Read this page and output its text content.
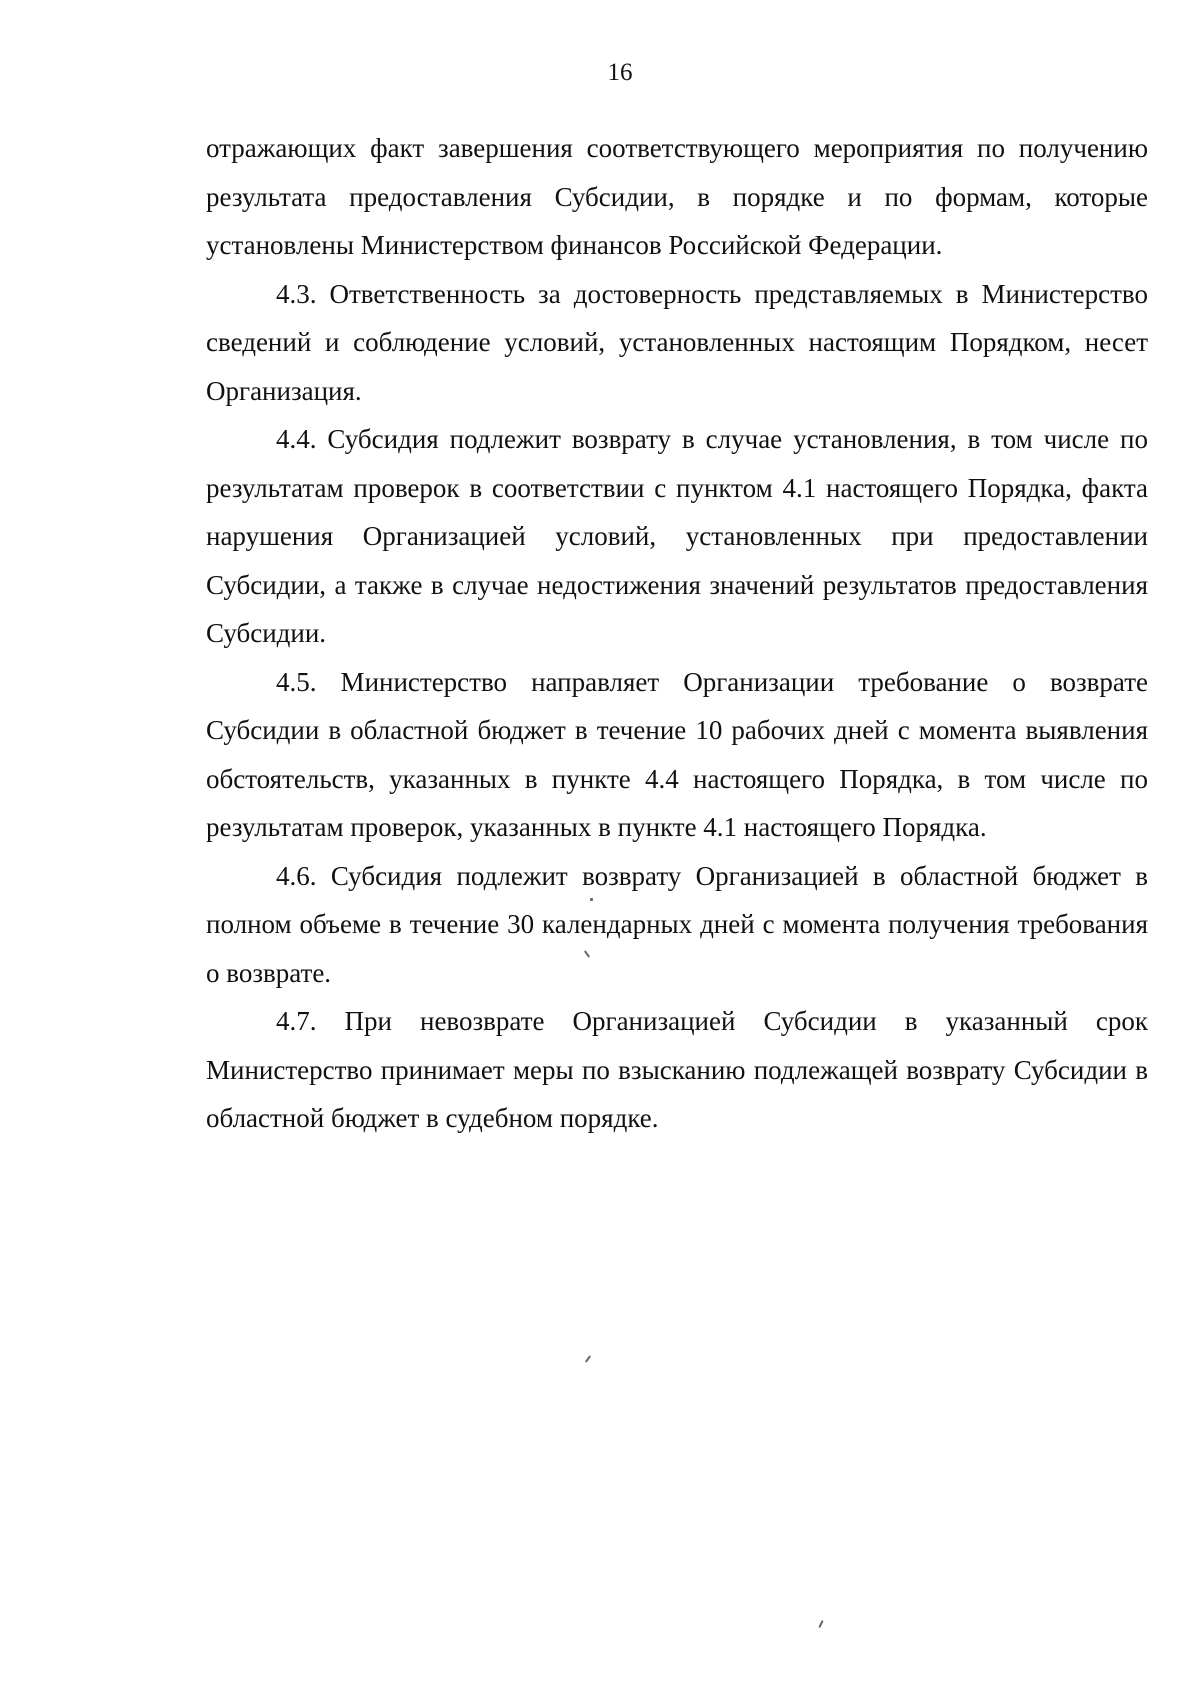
16

отражающих факт завершения соответствующего мероприятия по получению результата предоставления Субсидии, в порядке и по формам, которые установлены Министерством финансов Российской Федерации.

4.3. Ответственность за достоверность представляемых в Министерство сведений и соблюдение условий, установленных настоящим Порядком, несет Организация.

4.4. Субсидия подлежит возврату в случае установления, в том числе по результатам проверок в соответствии с пунктом 4.1 настоящего Порядка, факта нарушения Организацией условий, установленных при предоставлении Субсидии, а также в случае недостижения значений результатов предоставления Субсидии.

4.5. Министерство направляет Организации требование о возврате Субсидии в областной бюджет в течение 10 рабочих дней с момента выявления обстоятельств, указанных в пункте 4.4 настоящего Порядка, в том числе по результатам проверок, указанных в пункте 4.1 настоящего Порядка.

4.6. Субсидия подлежит возврату Организацией в областной бюджет в полном объеме в течение 30 календарных дней с момента получения требования о возврате.

4.7. При невозврате Организацией Субсидии в указанный срок Министерство принимает меры по взысканию подлежащей возврату Субсидии в областной бюджет в судебном порядке.
